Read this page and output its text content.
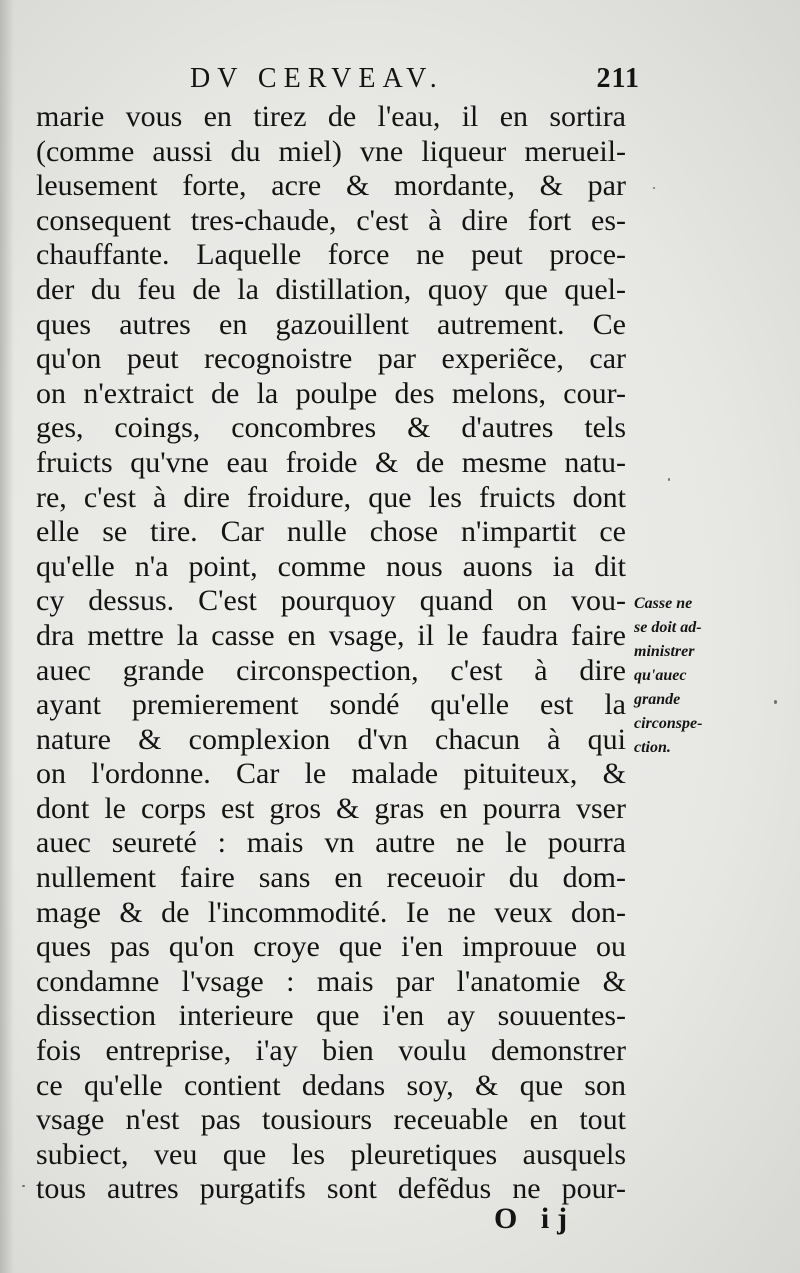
DV CERVEAV.	211
marie vous en tirez de l'eau, il en sortira
(comme aussi du miel) vne liqueur merueil-
leusement forte, acre & mordante, & par
consequent tres-chaude, c'est à dire fort es-
chauffante. Laquelle force ne peut proce-
der du feu de la distillation, quoy que quel-
ques autres en gazouillent autrement. Ce
qu'on peut recognoistre par experiẽce, car
on n'extraict de la poulpe des melons, cour-
ges, coings, concombres & d'autres tels
fruicts qu'vne eau froide & de mesme natu-
re, c'est à dire froidure, que les fruicts dont
elle se tire. Car nulle chose n'impartit ce
qu'elle n'a point, comme nous auons ia dit
cy dessus. C'est pourquoy quand on vou-
dra mettre la casse en vsage, il le faudra faire
auec grande circonspection, c'est à dire
ayant premierement sondé qu'elle est la
nature & complexion d'vn chacun à qui
on l'ordonne. Car le malade pituiteux, &
dont le corps est gros & gras en pourra vser
auec seureté : mais vn autre ne le pourra
nullement faire sans en receuoir du dom-
mage & de l'incommodité. Ie ne veux don-
ques pas qu'on croye que i'en improuue ou
condamne l'vsage : mais par l'anatomie &
dissection interieure que i'en ay souuentes-
fois entreprise, i'ay bien voulu demonstrer
ce qu'elle contient dedans soy, & que son
vsage n'est pas tousiours receuable en tout
subiect, veu que les pleuretiques ausquels
tous autres purgatifs sont defẽdus ne pour-
Casse ne
se doit ad-
ministrer
qu'auec
grande
circonspe-
ction.
O ij
